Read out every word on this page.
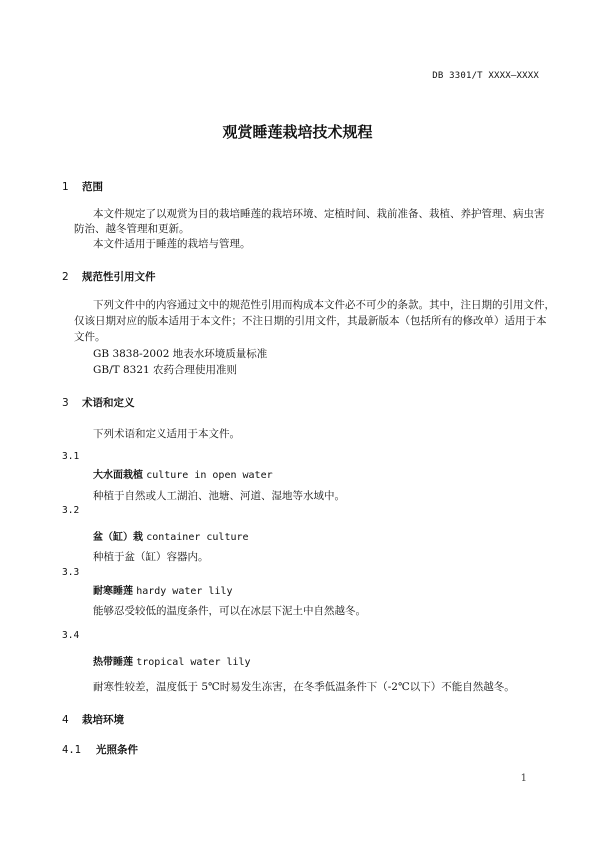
DB 3301/T XXXX—XXXX
观赏睡莲栽培技术规程
1 范围
本文件规定了以观赏为目的栽培睡莲的栽培环境、定植时间、栽前准备、栽植、养护管理、病虫害
防治、越冬管理和更新。
本文件适用于睡莲的栽培与管理。
2 规范性引用文件
下列文件中的内容通过文中的规范性引用而构成本文件必不可少的条款。其中，注日期的引用文件，
仅该日期对应的版本适用于本文件；不注日期的引用文件，其最新版本（包括所有的修改单）适用于本
文件。
GB 3838-2002 地表水环境质量标准
GB/T 8321 农药合理使用准则
3 术语和定义
下列术语和定义适用于本文件。
3.1
大水面栽植 culture in open water
种植于自然或人工湖泊、池塘、河道、湿地等水域中。
3.2
盆（缸）栽 container culture
种植于盆（缸）容器内。
3.3
耐寒睡莲 hardy water lily
能够忍受较低的温度条件，可以在冰层下泥土中自然越冬。
3.4
热带睡莲 tropical water lily
耐寒性较差，温度低于 5℃时易发生冻害，在冬季低温条件下（-2℃以下）不能自然越冬。
4 栽培环境
4.1 光照条件
1
